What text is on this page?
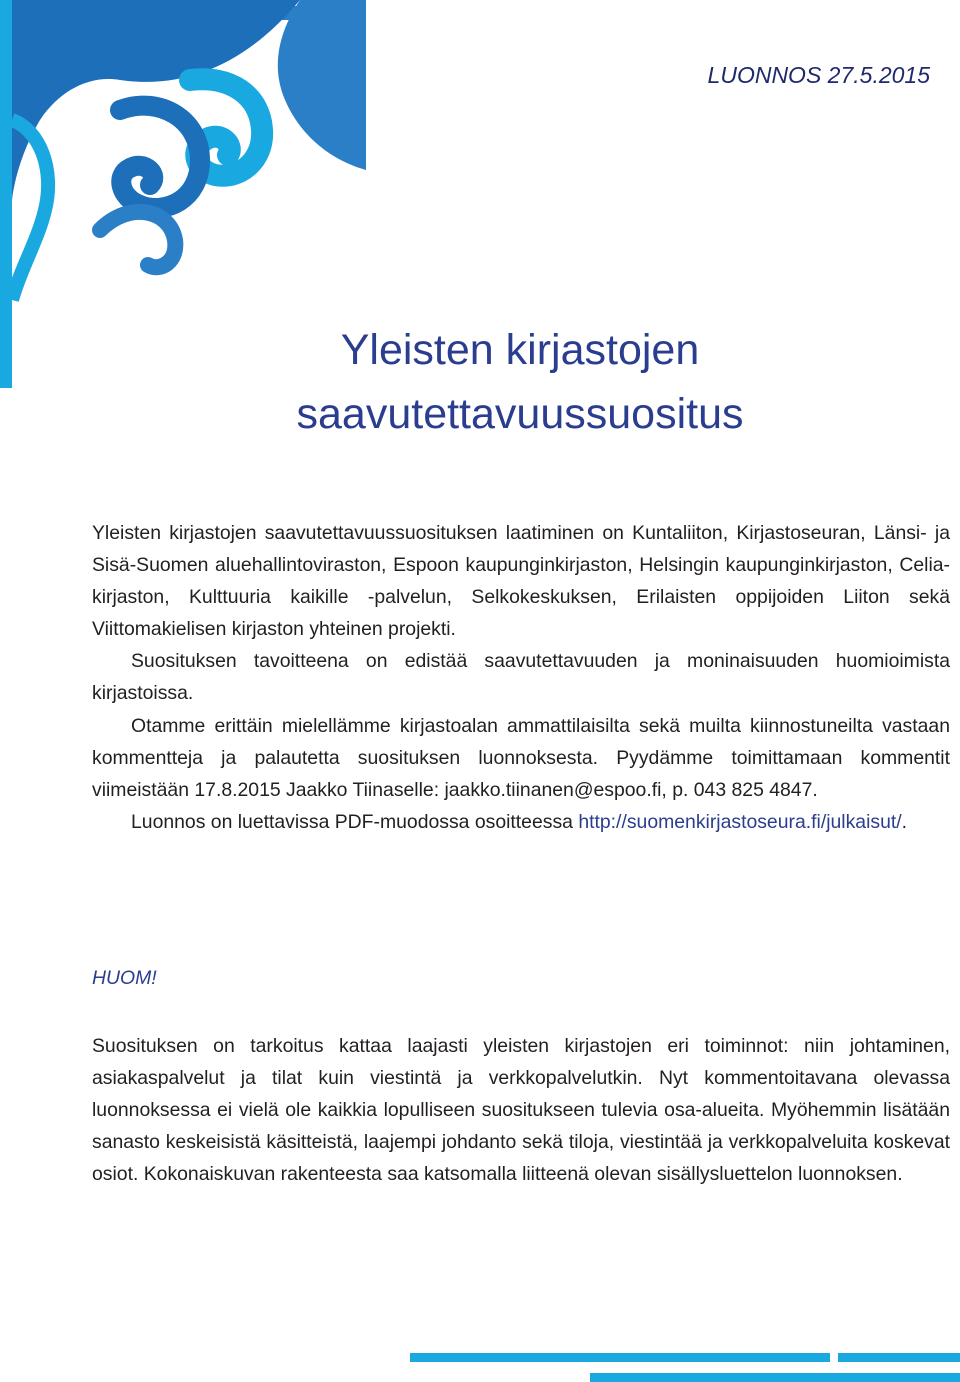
LUONNOS 27.5.2015
Yleisten kirjastojen
saavutettavuussuositus

Yleisten kirjastojen saavutettavuussuosituksen laatiminen on Kuntaliiton, Kirjastoseuran, Länsi- ja Sisä-Suomen aluehallintoviraston, Espoon kaupunginkirjaston, Helsingin kaupunginkirjaston, Celia-kirjaston, Kulttuuria kaikille -palvelun, Selkokeskuksen, Erilaisten oppijoiden Liiton sekä Viittomakielisen kirjaston yhteinen projekti.

Suosituksen tavoitteena on edistää saavutettavuuden ja moninaisuuden huomioimista kirjastoissa.

Otamme erittäin mielellämme kirjastoalan ammattilaisilta sekä muilta kiinnostuneilta vastaan kommentteja ja palautetta suosituksen luonnoksesta. Pyydämme toimittamaan kommentit viimeistään 17.8.2015 Jaakko Tiinaselle: jaakko.tiinanen@espoo.fi, p. 043 825 4847.

Luonnos on luettavissa PDF-muodossa osoitteessa http://suomenkirjastoseura.fi/julkaisut/.

HUOM!

Suosituksen on tarkoitus kattaa laajasti yleisten kirjastojen eri toiminnot: niin johtaminen, asiakaspalvelut ja tilat kuin viestintä ja verkkopalvelutkin. Nyt kommentoitavana olevassa luonnoksessa ei vielä ole kaikkia lopulliseen suositukseen tulevia osa-alueita. Myöhemmin lisätään sanasto keskeisistä käsitteistä, laajempi johdanto sekä tiloja, viestintää ja verkkopalveluita koskevat osiot. Kokonaiskuvan rakenteesta saa katsomalla liitteenä olevan sisällysluettelon luonnoksen.
